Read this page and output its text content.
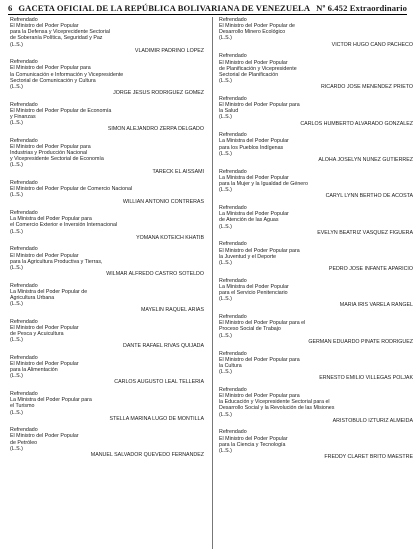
6 GACETA OFICIAL DE LA REPÚBLICA BOLIVARIANA DE VENEZUELA Nº 6.452 Extraordinario
Refrendado
El Ministro del Poder Popular
para la Defensa y Viceprecidente Sectorial
de Soberanía Política, Seguridad y Paz
(L.S.)
VLADIMIR PADRINO LÓPEZ
Refrendado
El Ministro del Poder Popular para
la Comunicación e Información y Vicepresidente
Sectorial de Comunicación y Cultura
(L.S.)
JORGE JESÚS RODRÍGUEZ GÓMEZ
Refrendado
El Ministro del Poder Popular de Economía
y Finanzas
(L.S.)
SIMÓN ALEJANDRO ZERPA DELGADO
Refrendado
El Ministro del Poder Popular para
Industrias y Producción Nacional
y Vicepresidente Sectorial de Economía
(L.S.)
TARECK EL AISSAMI
Refrendado
El Ministro del Poder Popular de Comercio Nacional
(L.S.)
WILLIAN ANTONIO CONTRERAS
Refrendado
La Ministra del Poder Popular para
el Comercio Exterior e Inversión Internacional
(L.S.)
YOMANA KOTEICH KHATIB
Refrendado
El Ministro del Poder Popular
para la Agricultura Productiva y Tierras,
(L.S.)
WILMAR ALFREDO CASTRO SOTELDO
Refrendado
La Ministra del Poder Popular de
Agricultura Urbana
(L.S.)
MAYELIN RAQUEL ARIAS
Refrendado
El Ministro del Poder Popular
de Pesca y Acuicultura
(L.S.)
DANTE RAFAEL RIVAS QUIJADA
Refrendado
El Ministro del Poder Popular
para la Alimentación
(L.S.)
CARLOS AUGUSTO LEAL TELLERÍA
Refrendado
La Ministra del Poder Popular para
el Turismo
(L.S.)
STELLA MARINA LUGO DE MONTILLA
Refrendado
El Ministro del Poder Popular
de Petróleo
(L.S.)
MANUEL SALVADOR QUEVEDO FERNÁNDEZ
Refrendado
El Ministro del Poder Popular de
Desarrollo Minero Ecológico
(L.S.)
VÍCTOR HUGO CANO PACHECO
Refrendado
El Ministro del Poder Popular
de Planificación y Vicepresidente
Sectorial de Planificación
(L.S.)
RICARDO JOSÉ MENÉNDEZ PRIETO
Refrendado
El Ministro del Poder Popular para
la Salud
(L.S.)
CARLOS HUMBERTO ALVARADO GONZÁLEZ
Refrendado
La Ministra del Poder Popular
para los Pueblos Indígenas
(L.S.)
ALOHA JOSELYN NÚÑEZ GUTIÉRREZ
Refrendado
La Ministra del Poder Popular
para la Mujer y la Igualdad de Género
(L.S.)
CARYL LYNN BERTHO DE ACOSTA
Refrendado
La Ministra del Poder Popular
de Atención de las Aguas
(L.S.)
EVELYN BEATRIZ VÁSQUEZ FIGUERA
Refrendado
El Ministro del Poder Popular para
la Juventud y el Deporte
(L.S.)
PEDRO JOSÉ INFANTE APARICIO
Refrendado
La Ministra del Poder Popular
para el Servicio Penitenciario
(L.S.)
MARÍA IRIS VARELA RANGEL
Refrendado
El Ministro del Poder Popular para el
Proceso Social de Trabajo
(L.S.)
GERMAN EDUARDO PIÑATE RODRÍGUEZ
Refrendado
El Ministro del Poder Popular para
la Cultura
(L.S.)
ERNESTO EMILIO VILLEGAS POLJAK
Refrendado
El Ministro del Poder Popular para
la Educación y Vicepresidente Sectorial para el
Desarrollo Social y la Revolución de las Misiones
(L.S.)
ARISTÓBULO IZTÚRIZ ALMEIDA
Refrendado
El Ministro del Poder Popular
para la Ciencia y Tecnología
(L.S.)
FREDDY CLARET BRITO MAESTRE
